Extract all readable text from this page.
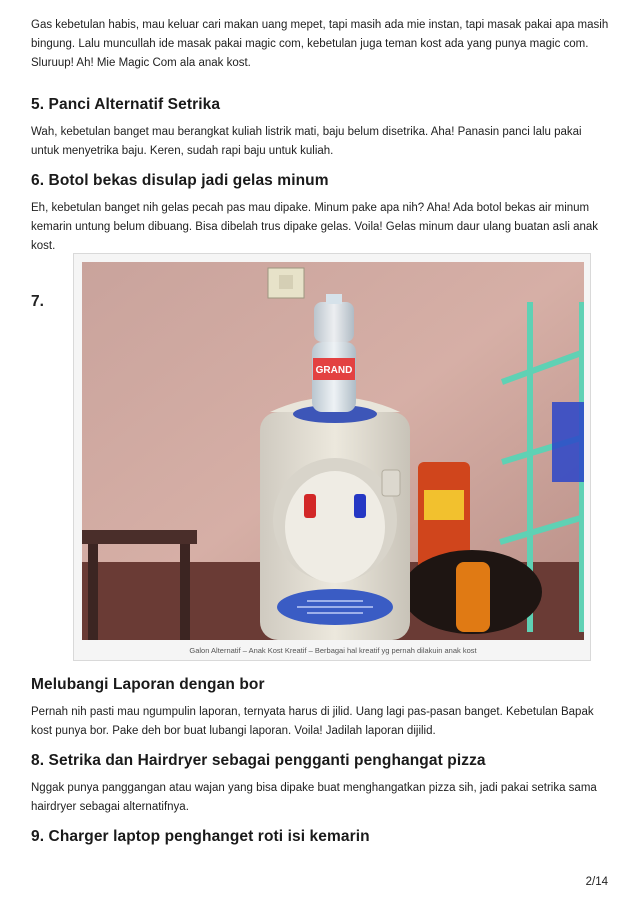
Gas kebetulan habis, mau keluar cari makan uang mepet, tapi masih ada mie instan, tapi masak pakai apa masih bingung. Lalu muncullah ide masak pakai magic com, kebetulan juga teman kost ada yang punya magic com. Sluruup! Ah! Mie Magic Com ala anak kost.

5. Panci Alternatif Setrika

Wah, kebetulan banget mau berangkat kuliah listrik mati, baju belum disetrika. Aha! Panasin panci lalu pakai untuk menyetrika baju. Keren, sudah rapi baju untuk kuliah.

6. Botol bekas disulap jadi gelas minum

Eh, kebetulan banget nih gelas pecah pas mau dipake. Minum pake apa nih? Aha! Ada botol bekas air minum kemarin untung belum dibuang. Bisa dibelah trus dipake gelas. Voila! Gelas minum daur ulang buatan asli anak kost.

7.
GRAND
Galon Alternatif – Anak Kost Kreatif – Berbagai hal kreatif yg pernah dilakuin anak kost
Melubangi Laporan dengan bor

Pernah nih pasti mau ngumpulin laporan, ternyata harus di jilid. Uang lagi pas-pasan banget. Kebetulan Bapak kost punya bor. Pake deh bor buat lubangi laporan. Voila! Jadilah laporan dijilid.

8. Setrika dan Hairdryer sebagai pengganti penghangat pizza

Nggak punya panggangan atau wajan yang bisa dipake buat menghangatkan pizza sih, jadi pakai setrika sama hairdryer sebagai alternatifnya.

9. Charger laptop penghanget roti isi kemarin
2/14
